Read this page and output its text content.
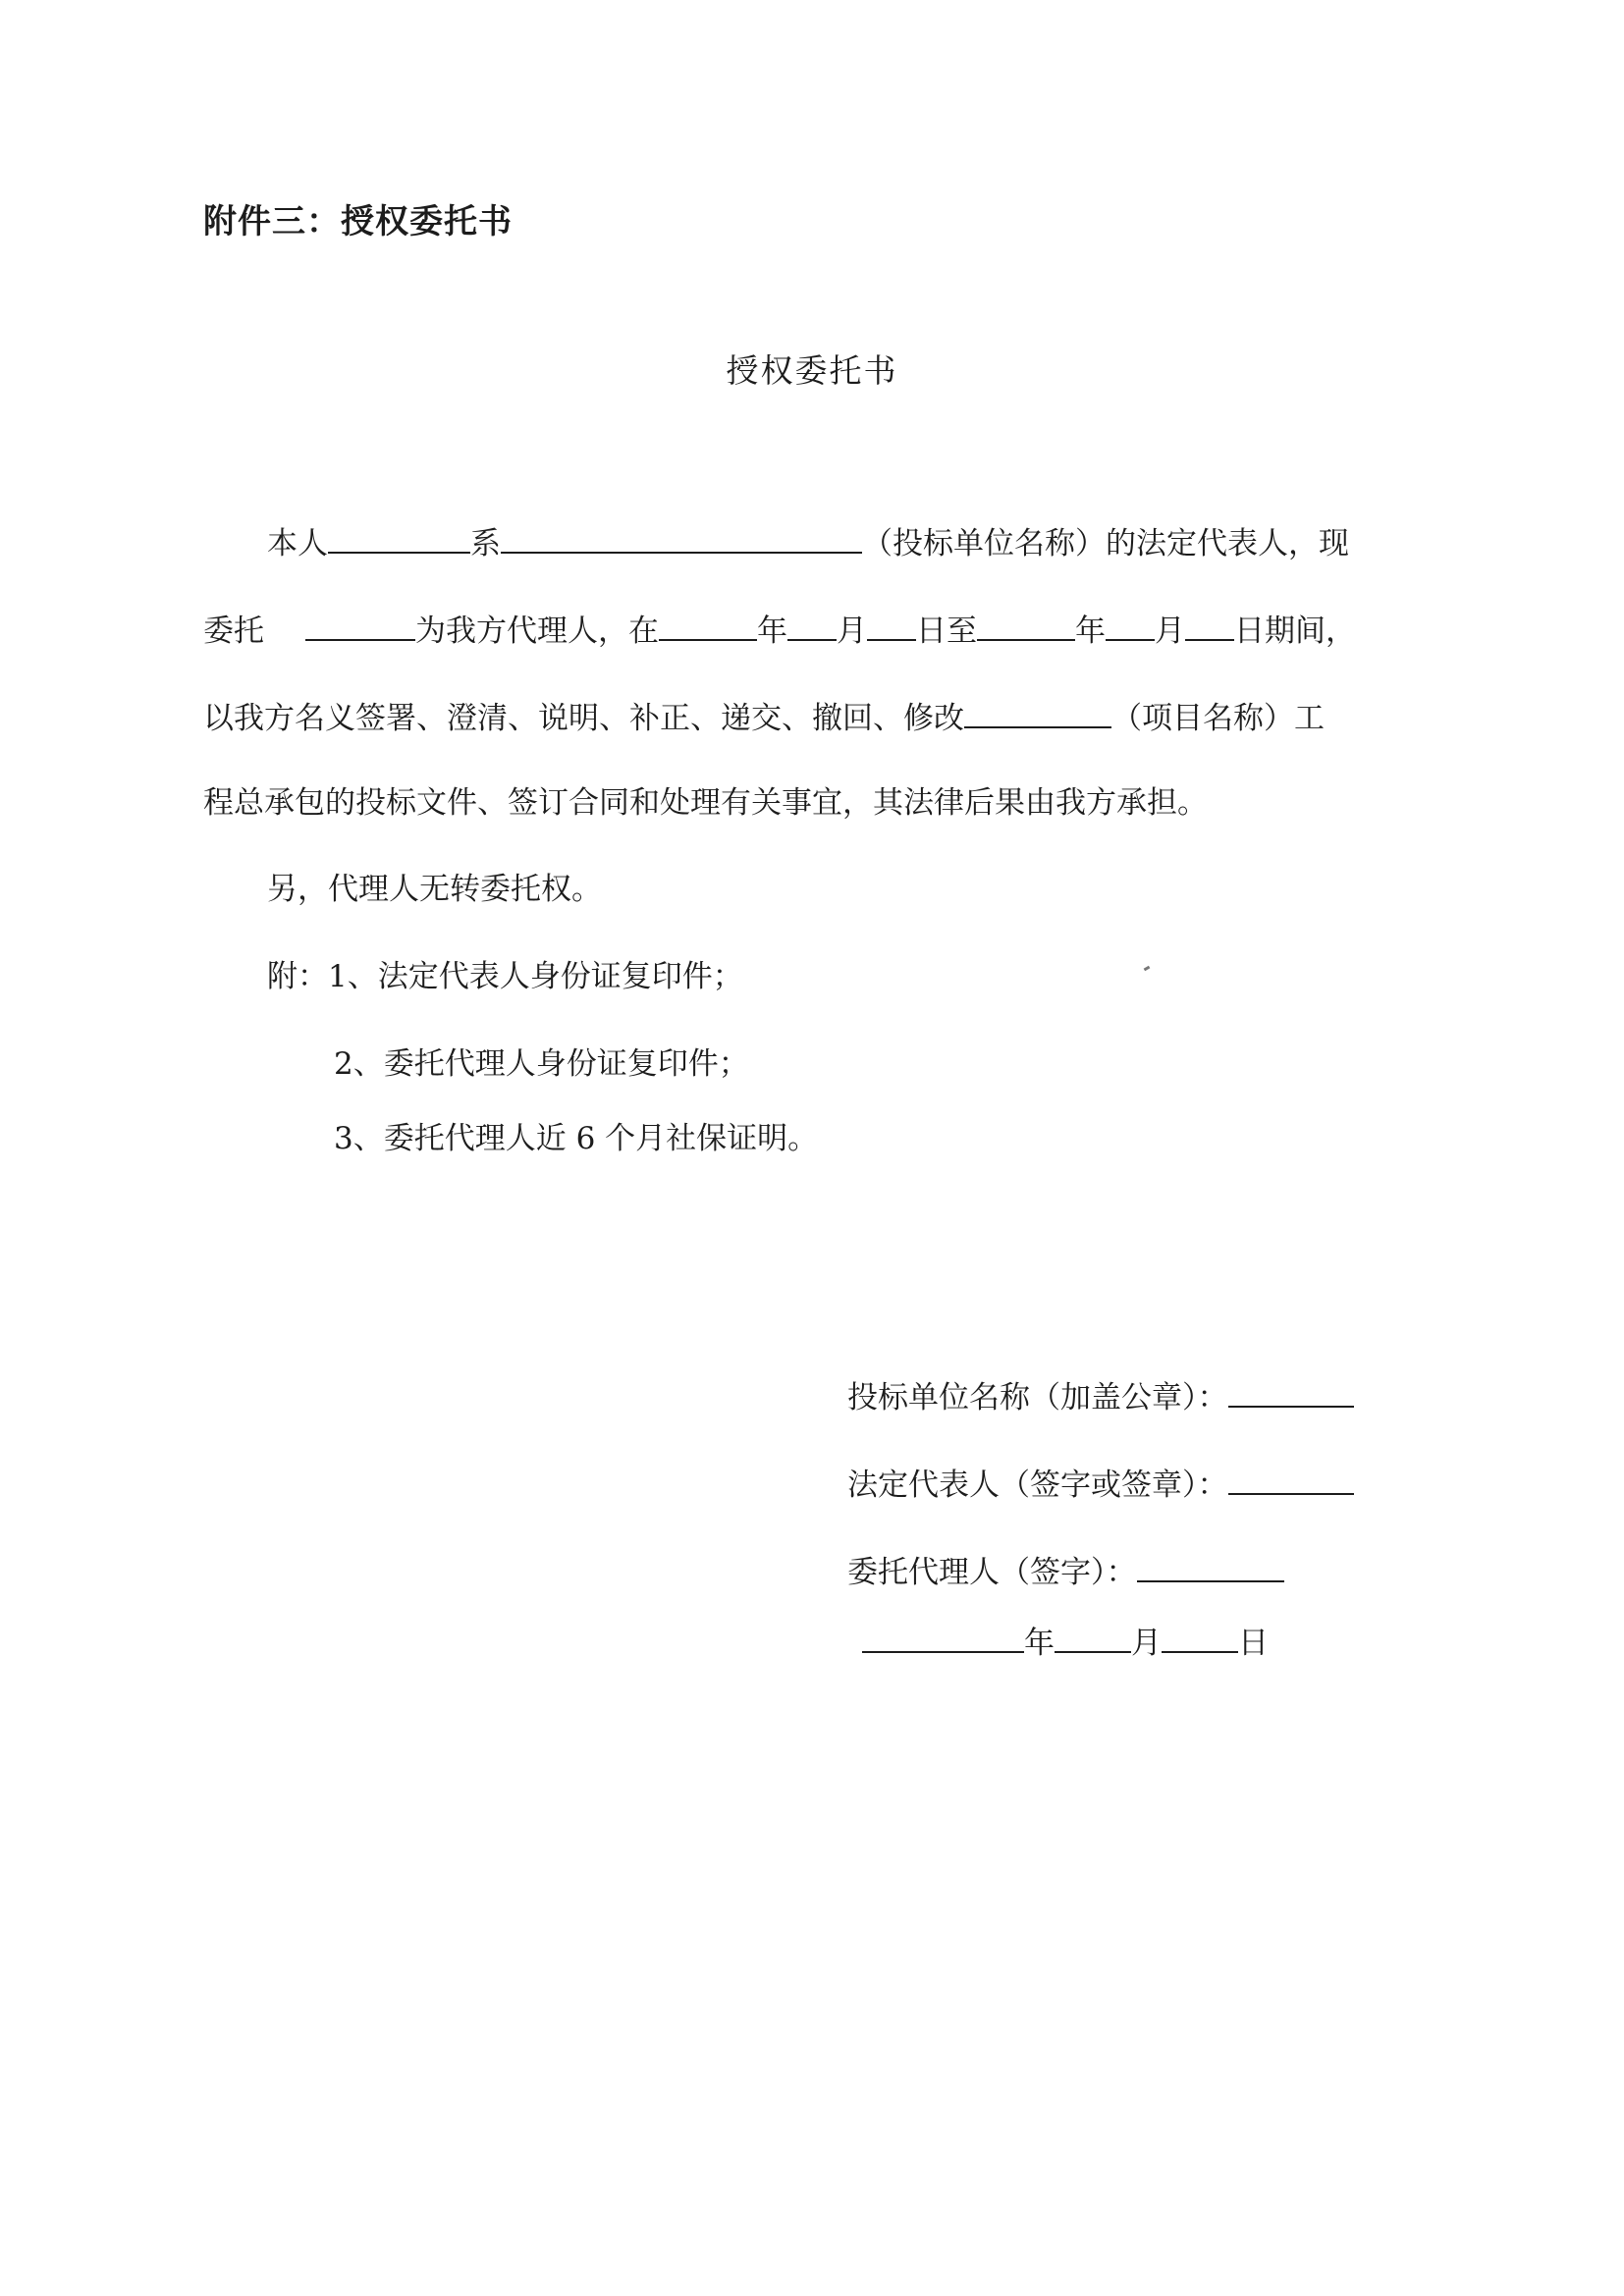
附件三：授权委托书
授权委托书
本人	系	（投标单位名称）的法定代表人，现
委托	为我方代理人，在	年 月 日至	年 月 日期间，
以我方名义签署、澄清、说明、补正、递交、撤回、修改	（项目名称）工
程总承包的投标文件、签订合同和处理有关事宜，其法律后果由我方承担。
另，代理人无转委托权。
附：1、法定代表人身份证复印件；
2、委托代理人身份证复印件；
3、委托代理人近 6 个月社保证明。
投标单位名称（加盖公章）：
法定代表人（签字或签章）：
委托代理人（签字）：
年	月	日
